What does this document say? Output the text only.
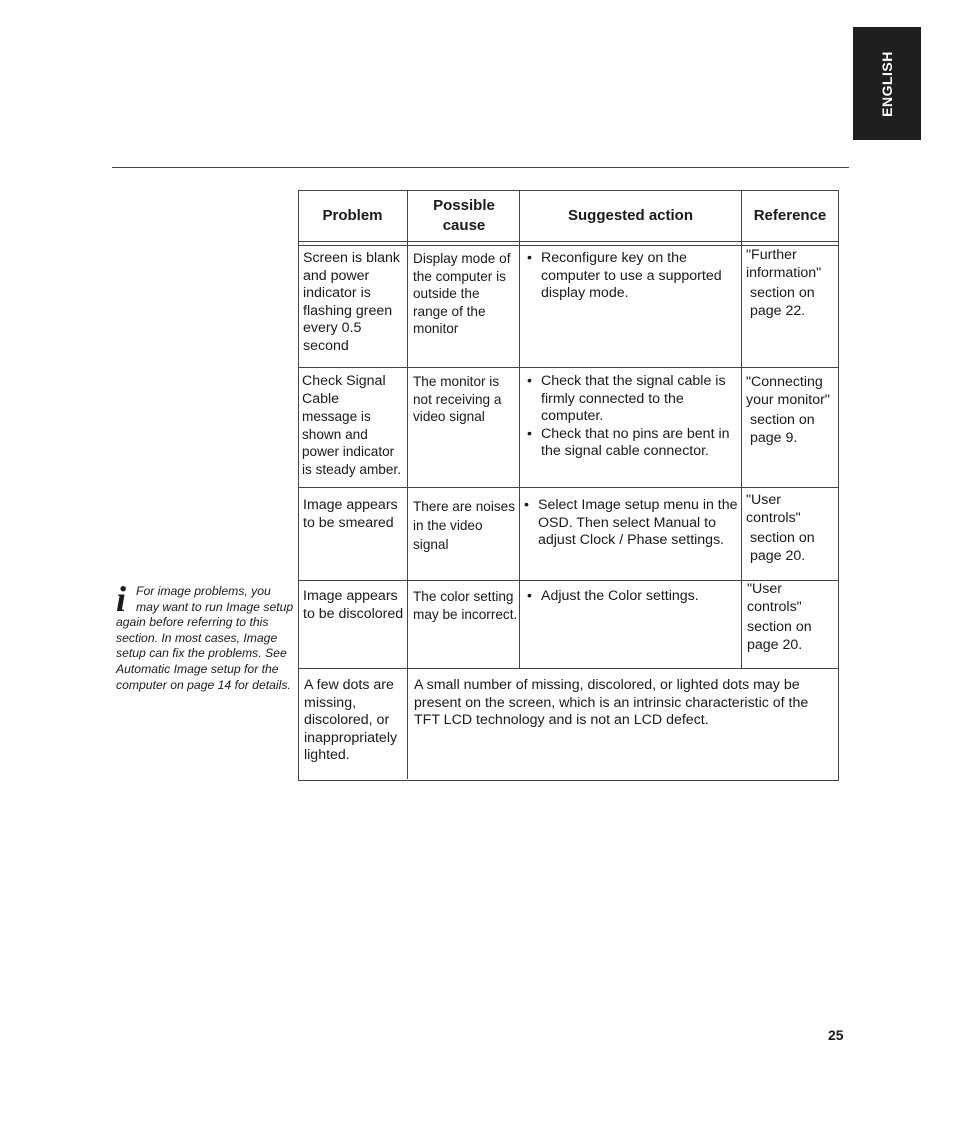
ENGLISH
i For image problems, you may want to run Image setup again before referring to this section. In most cases, Image setup can fix the problems. See Automatic Image setup for the computer on page 14 for details.
Problem
Possible cause
Suggested action	Reference
Screen is blank and power indicator is flashing green every 0.5 second
Display mode of the computer is outside the range of the monitor
• Reconfigure key on the computer to use a supported display mode.
"Further information"
section on page 22.
Check Signal Cable
message is shown and power indicator is steady amber.
The monitor is not receiving a video signal
• Check that the signal cable is firmly connected to the computer.
• Check that no pins are bent in the signal cable connector.
"Connecting your monitor"
section on page 9.
Image appears to be smeared
There are noises in the video signal
• Select Image setup menu in the OSD. Then select Manual to adjust Clock / Phase settings.
"User controls"
section on page 20.
Image appears to be discolored
The color setting may be incorrect.
• Adjust the Color settings.	"User controls"
section on page 20.
A few dots are missing, discolored, or inappropriately lighted.
A small number of missing, discolored, or lighted dots may be present on the screen, which is an intrinsic characteristic of the TFT LCD technology and is not an LCD defect.
25
